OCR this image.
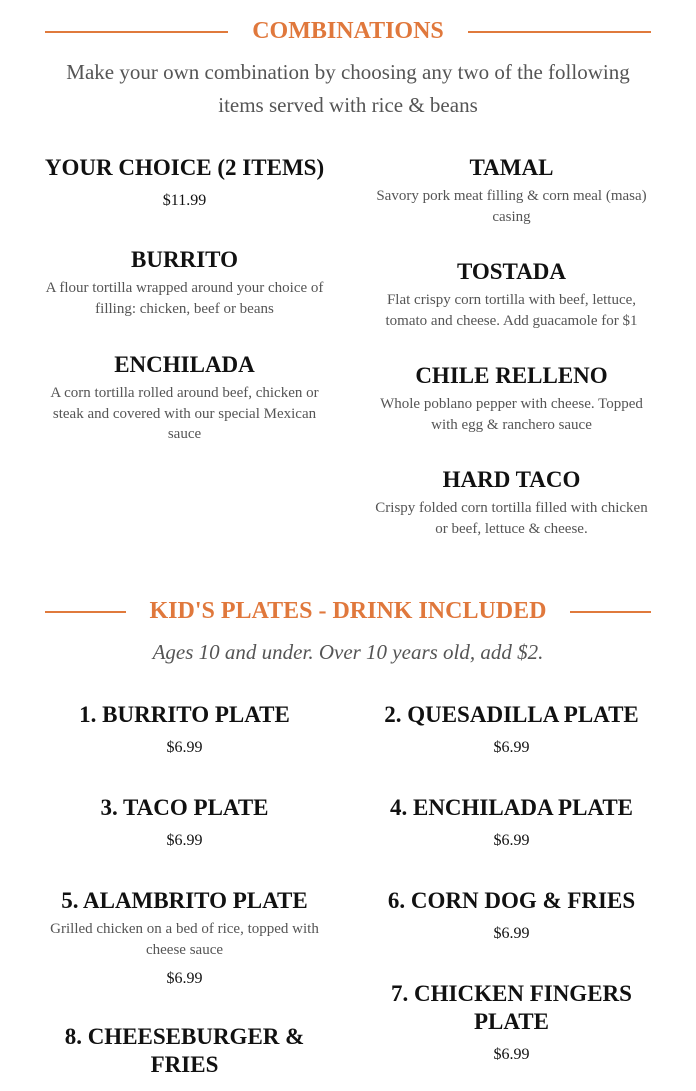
COMBINATIONS
Make your own combination by choosing any two of the following items served with rice & beans
YOUR CHOICE (2 ITEMS)
$11.99
BURRITO
A flour tortilla wrapped around your choice of filling: chicken, beef or beans
ENCHILADA
A corn tortilla rolled around beef, chicken or steak and covered with our special Mexican sauce
TAMAL
Savory pork meat filling & corn meal (masa) casing
TOSTADA
Flat crispy corn tortilla with beef, lettuce, tomato and cheese. Add guacamole for $1
CHILE RELLENO
Whole poblano pepper with cheese. Topped with egg & ranchero sauce
HARD TACO
Crispy folded corn tortilla filled with chicken or beef, lettuce & cheese.
KID'S PLATES - DRINK INCLUDED
Ages 10 and under. Over 10 years old, add $2.
1. BURRITO PLATE
$6.99
3. TACO PLATE
$6.99
5. ALAMBRITO PLATE
Grilled chicken on a bed of rice, topped with cheese sauce
$6.99
8. CHEESEBURGER & FRIES
2. QUESADILLA PLATE
$6.99
4. ENCHILADA PLATE
$6.99
6. CORN DOG & FRIES
$6.99
7. CHICKEN FINGERS PLATE
$6.99
